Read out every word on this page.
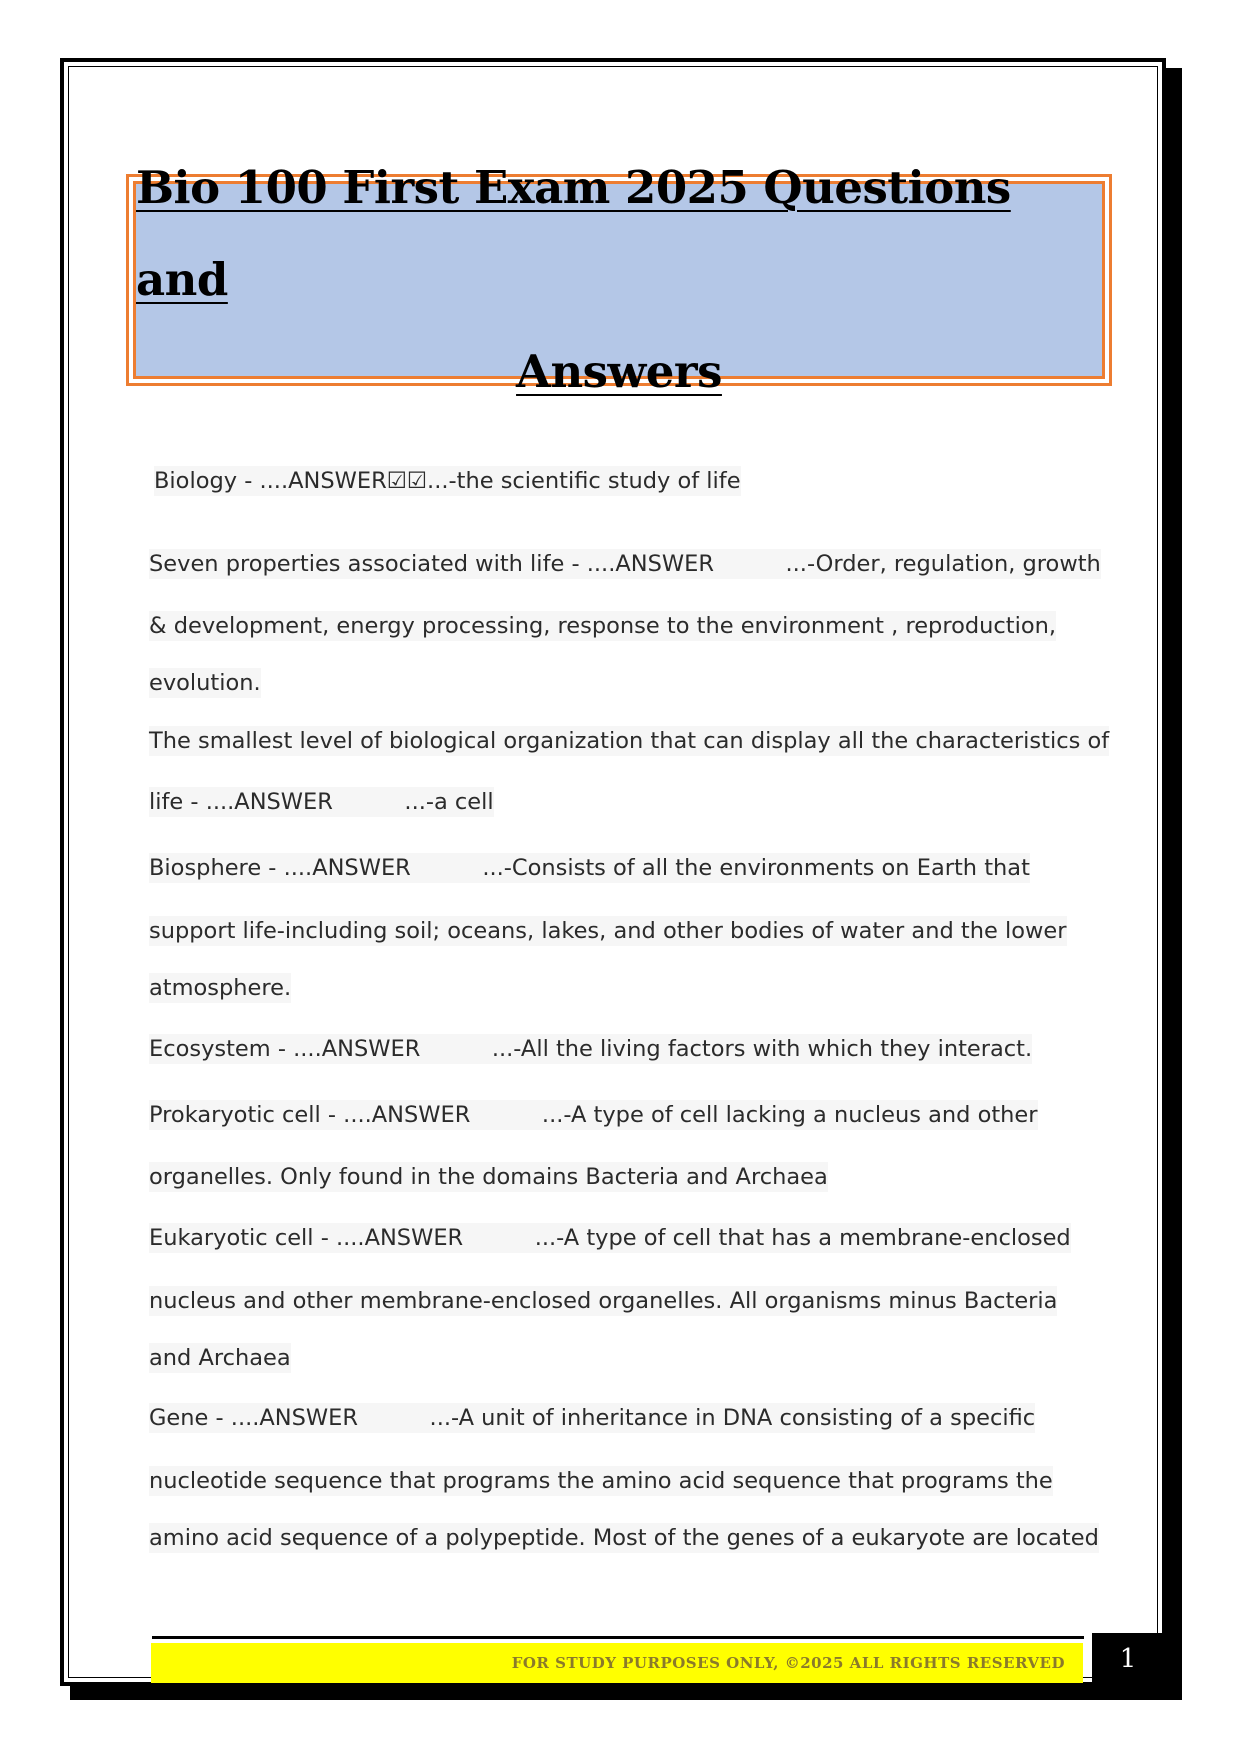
Bio 100 First Exam 2025 Questions and
Answers
Biology - ....ANSWER☑☑...-the scientific study of life
Seven properties associated with life - ....ANSWER          ...-Order, regulation, growth
& development, energy processing, response to the environment , reproduction,
evolution.
The smallest level of biological organization that can display all the characteristics of
life - ....ANSWER          ...-a cell
Biosphere - ....ANSWER          ...-Consists of all the environments on Earth that
support life-including soil; oceans, lakes, and other bodies of water and the lower
atmosphere.
Ecosystem - ....ANSWER          ...-All the living factors with which they interact.
Prokaryotic cell - ....ANSWER          ...-A type of cell lacking a nucleus and other
organelles. Only found in the domains Bacteria and Archaea
Eukaryotic cell - ....ANSWER          ...-A type of cell that has a membrane-enclosed
nucleus and other membrane-enclosed organelles. All organisms minus Bacteria
and Archaea
Gene - ....ANSWER          ...-A unit of inheritance in DNA consisting of a specific
nucleotide sequence that programs the amino acid sequence that programs the
amino acid sequence of a polypeptide. Most of the genes of a eukaryote are located
FOR STUDY PURPOSES ONLY, ©2025 ALL RIGHTS RESERVED	1
